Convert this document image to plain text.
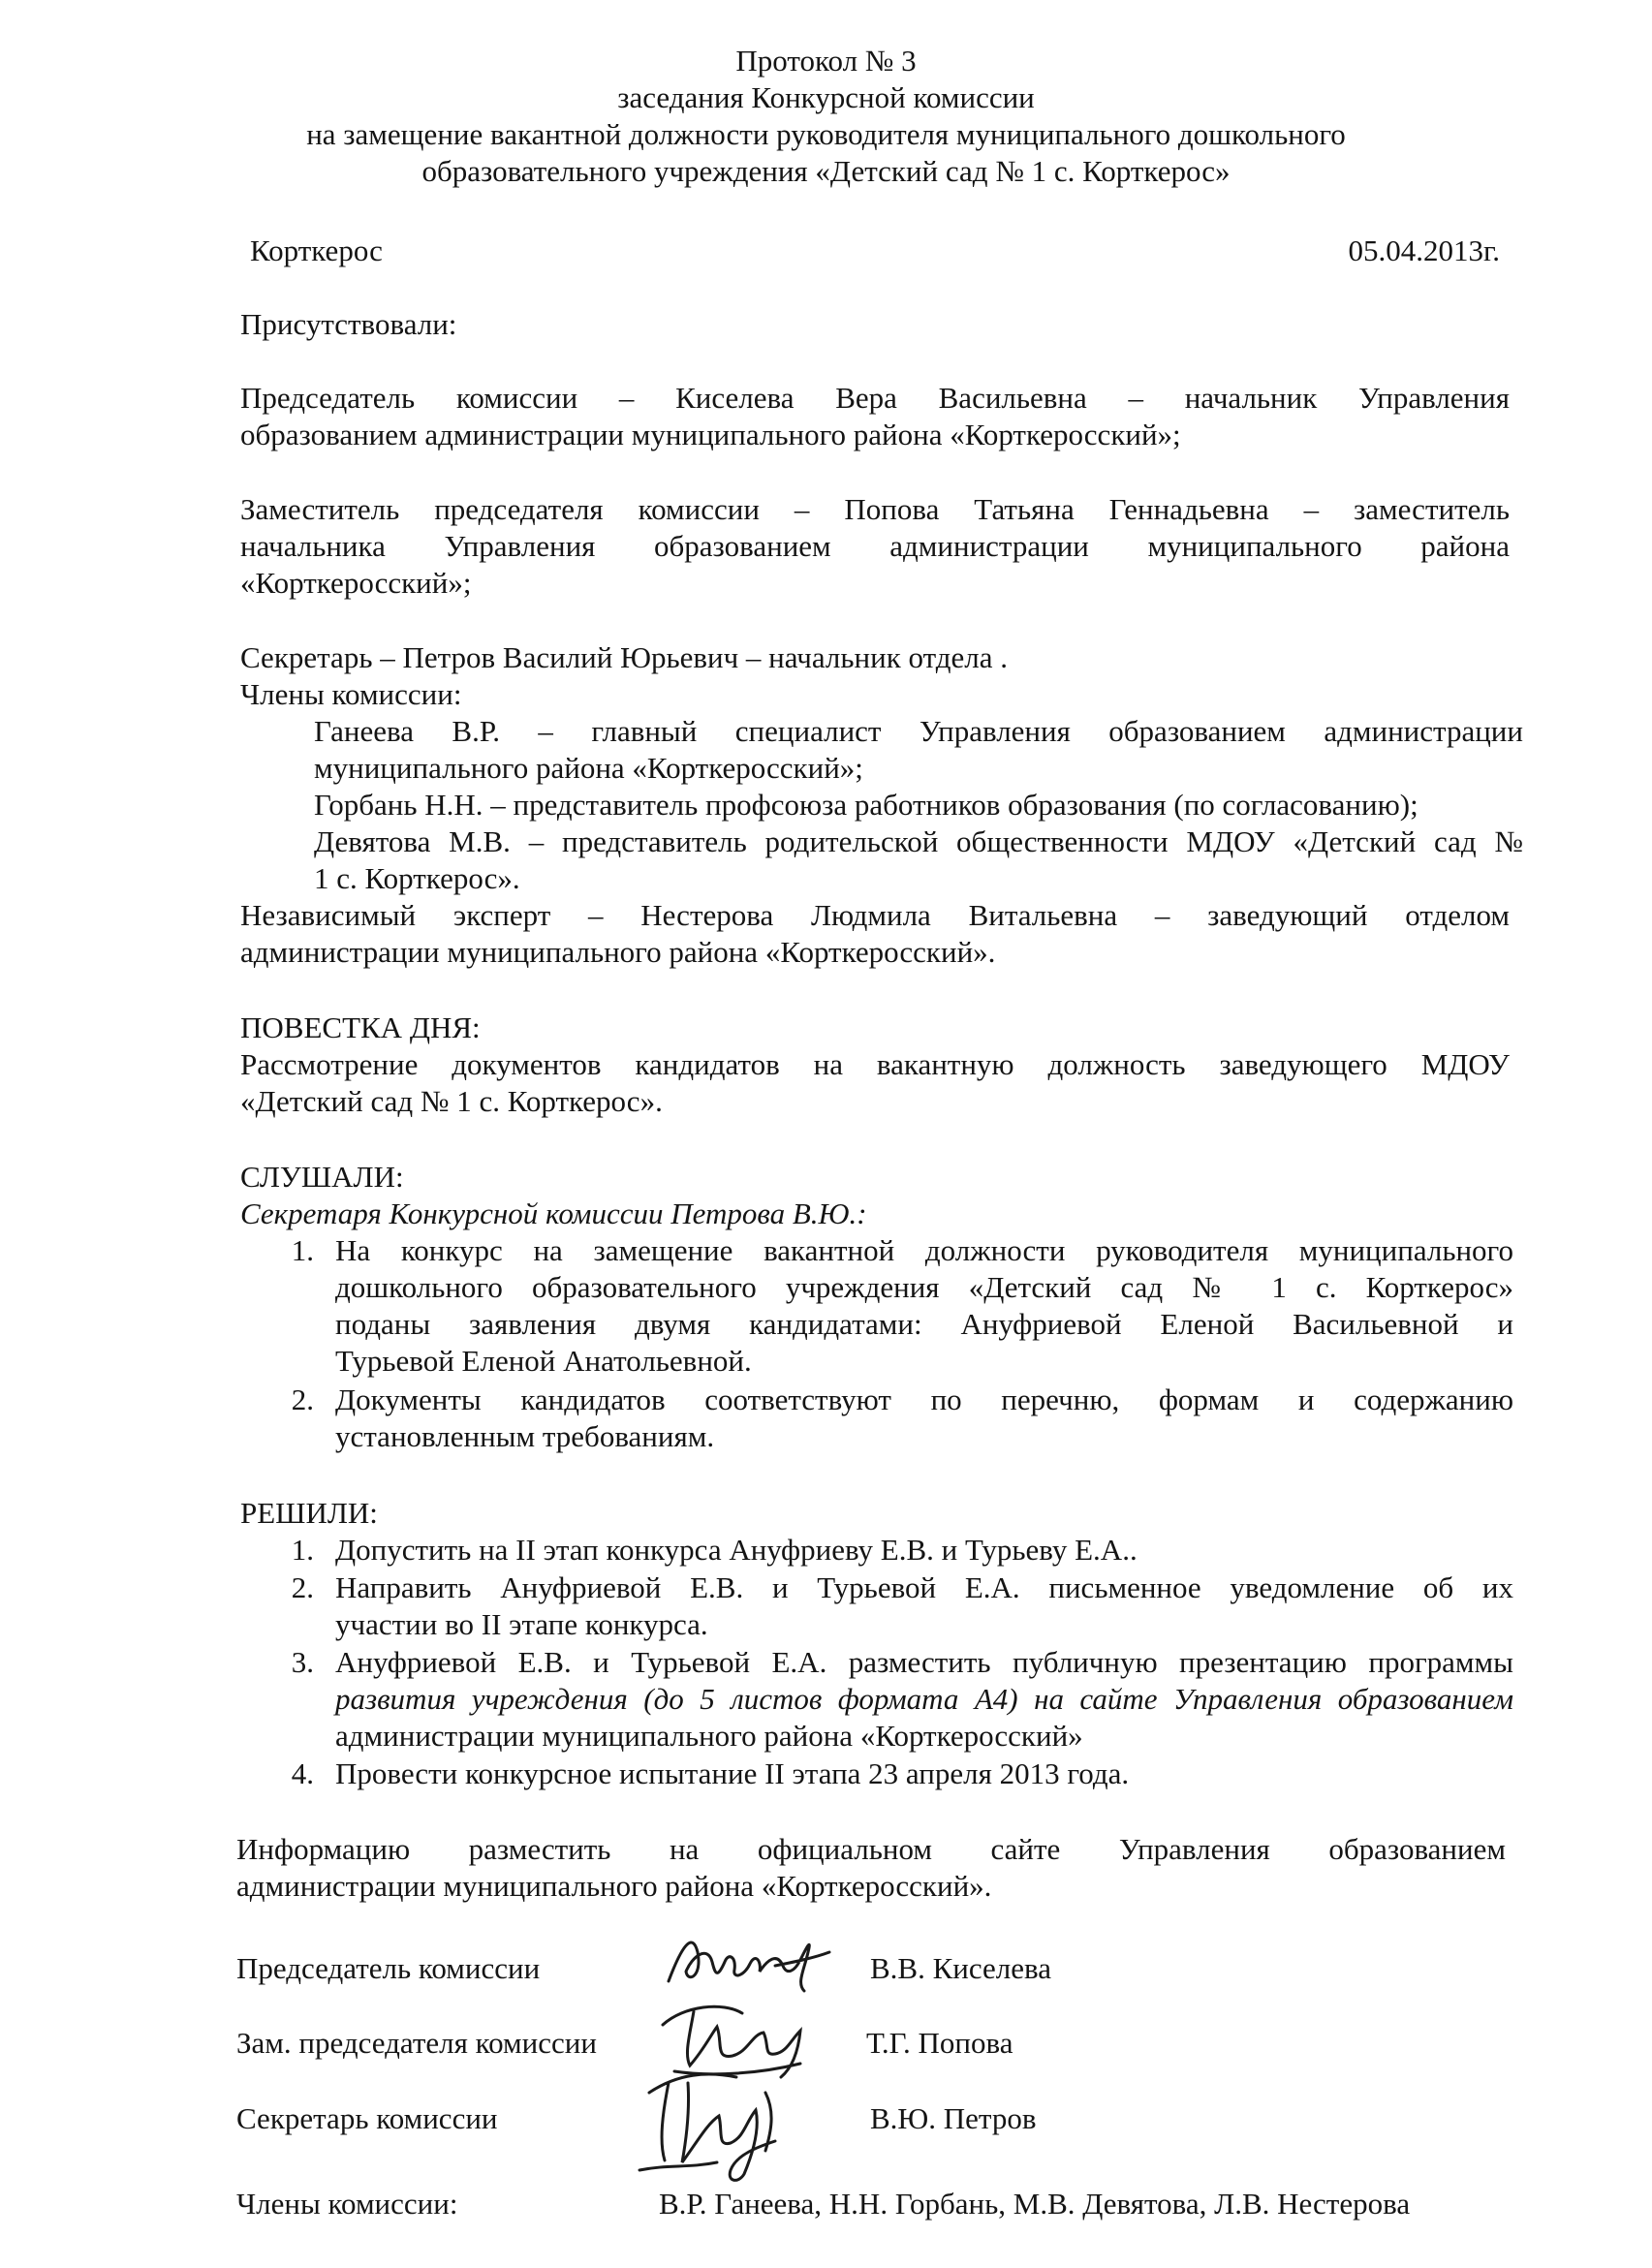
Протокол № 3
заседания Конкурсной комиссии
на замещение вакантной должности руководителя муниципального дошкольного
образовательного учреждения «Детский сад № 1 с. Корткерос»
Корткерос	05.04.2013г.
Присутствовали:
Председатель комиссии – Киселева Вера Васильевна – начальник Управления
образованием администрации муниципального района «Корткеросский»;
Заместитель председателя комиссии – Попова Татьяна Геннадьевна – заместитель
начальника Управления образованием администрации муниципального района
«Корткеросский»;
Секретарь – Петров Василий Юрьевич – начальник отдела .
Члены комиссии:
Ганеева В.Р. – главный специалист Управления образованием администрации
муниципального района «Корткеросский»;
Горбань Н.Н. – представитель профсоюза работников образования (по согласованию);
Девятова М.В. – представитель родительской общественности МДОУ «Детский сад №
1 с. Корткерос».
Независимый эксперт – Нестерова Людмила Витальевна – заведующий отделом
администрации муниципального района «Корткеросский».
ПОВЕСТКА ДНЯ:
Рассмотрение документов кандидатов на вакантную должность заведующего МДОУ
«Детский сад № 1 с. Корткерос».
СЛУШАЛИ:
Секретаря Конкурсной комиссии Петрова В.Ю.:
1. На конкурс на замещение вакантной должности руководителя муниципального
дошкольного образовательного учреждения «Детский сад № 1 с. Корткерос»
поданы заявления двумя кандидатами: Ануфриевой Еленой Васильевной и
Турьевой Еленой Анатольевной.
2. Документы кандидатов соответствуют по перечню, формам и содержанию
установленным требованиям.
РЕШИЛИ:
1. Допустить на II этап конкурса Ануфриеву Е.В. и Турьеву Е.А..
2. Направить Ануфриевой Е.В. и Турьевой Е.А. письменное уведомление об их
участии во II этапе конкурса.
3. Ануфриевой Е.В. и Турьевой Е.А. разместить публичную презентацию программы
развития учреждения (до 5 листов формата А4) на сайте Управления образованием
администрации муниципального района «Корткеросский»
4. Провести конкурсное испытание II этапа 23 апреля 2013 года.
Информацию разместить на официальном сайте Управления образованием
администрации муниципального района «Корткеросский».
Председатель комиссии	В.В. Киселева
Зам. председателя комиссии	Т.Г. Попова
Секретарь комиссии	В.Ю. Петров
Члены комиссии:	В.Р. Ганеева, Н.Н. Горбань, М.В. Девятова, Л.В. Нестерова
